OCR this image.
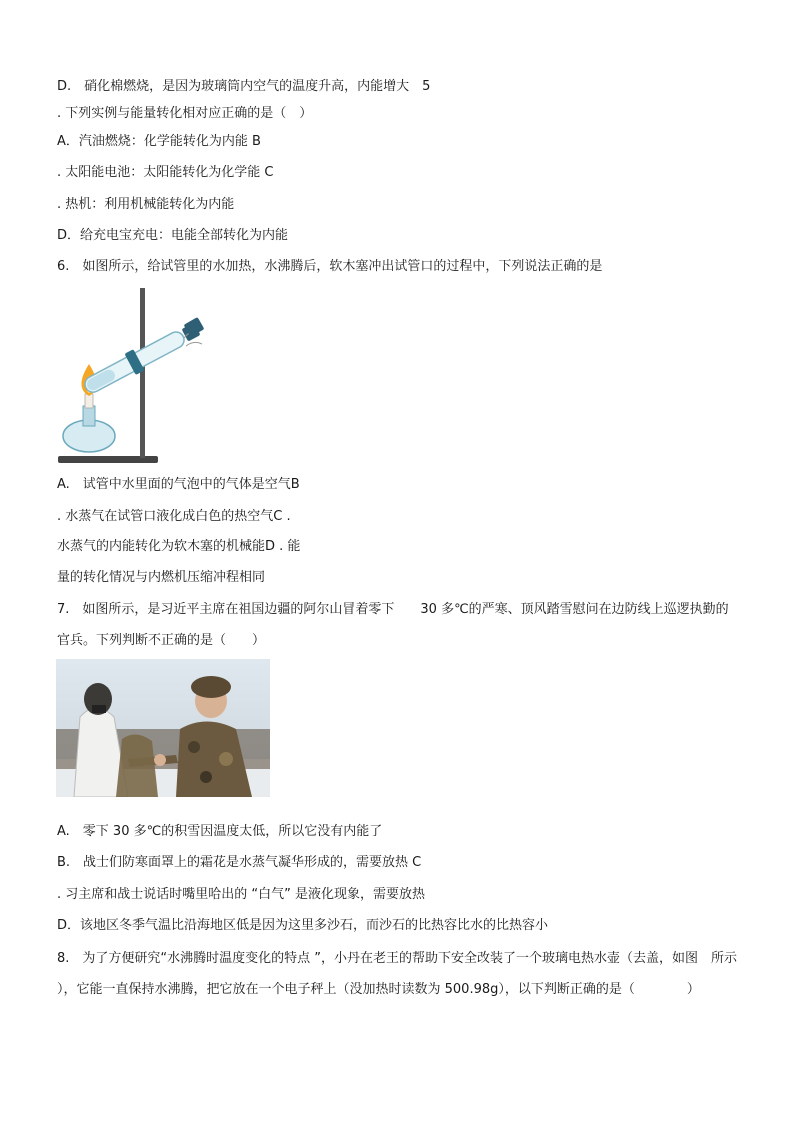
D.　硝化棉燃烧，是因为玻璃筒内空气的温度升高，内能增大　5
. 下列实例与能量转化相对应正确的是（　）
A．汽油燃烧：化学能转化为内能 B
. 太阳能电池：太阳能转化为化学能 C
. 热机：利用机械能转化为内能
D．给充电宝充电：电能全部转化为内能
6.　如图所示，给试管里的水加热，水沸腾后，软木塞冲出试管口的过程中，下列说法正确的是
A.　试管中水里面的气泡中的气体是空气B
. 水蒸气在试管口液化成白色的热空气C .
水蒸气的内能转化为软木塞的机械能D . 能
量的转化情况与内燃机压缩冲程相同
7.　如图所示，是习近平主席在祖国边疆的阿尔山冒着零下　　30 多℃的严寒、顶风踏雪慰问在边防线上巡逻执勤的
官兵。下列判断不正确的是（　　）
A.　零下 30 多℃的积雪因温度太低，所以它没有内能了
B.　战士们防寒面罩上的霜花是水蒸气凝华形成的，需要放热 C
. 习主席和战士说话时嘴里哈出的 “白气” 是液化现象，需要放热
D．该地区冬季气温比沿海地区低是因为这里多沙石，而沙石的比热容比水的比热容小
8.　为了方便研究“水沸腾时温度变化的特点 ”，小丹在老王的帮助下安全改装了一个玻璃电热水壶（去盖，如图　所示
），它能一直保持水沸腾，把它放在一个电子秤上（没加热时读数为 500.98g），以下判断正确的是（　　　　）
